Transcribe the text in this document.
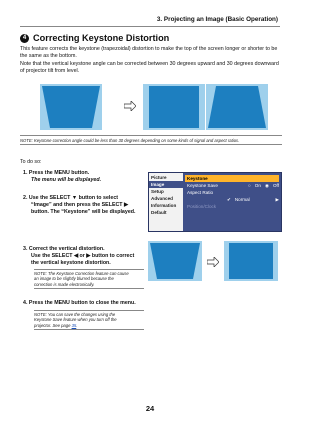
3. Projecting an Image (Basic Operation)
4 Correcting Keystone Distortion
This feature corrects the keystone (trapezoidal) distortion to make the top of the screen longer or shorter to be the same as the bottom.
Note that the vertical keystone angle can be corrected between 30 degrees upward and 30 degrees downward of projector tilt from level.
NOTE: Keystone correction angle could be less than 30 degrees depending on some kinds of signal and aspect ratios.
To do so:
1. Press the MENU button.
The menu will be displayed.
2. Use the SELECT ▼ button to select
“Image” and then press the SELECT ▶
button. The “Keystone” will be displayed.
Picture
Image
Setup
Advanced
Information
Default
Keystone
Keystone Save	○ On ◉ Off
Aspect Ratio
✔ Normal	▶
Position/Clock
3. Correct the vertical distortion.
Use the SELECT ◀ or ▶ button to correct
the vertical keystone distortion.
NOTE: The Keystone Correction feature can cause
an image to be slightly blurred because the
correction is made electronically.
4. Press the MENU button to close the menu.
NOTE: You can save the changes using the
Keystone Save feature when you turn off the
projector. See page 35.
24
